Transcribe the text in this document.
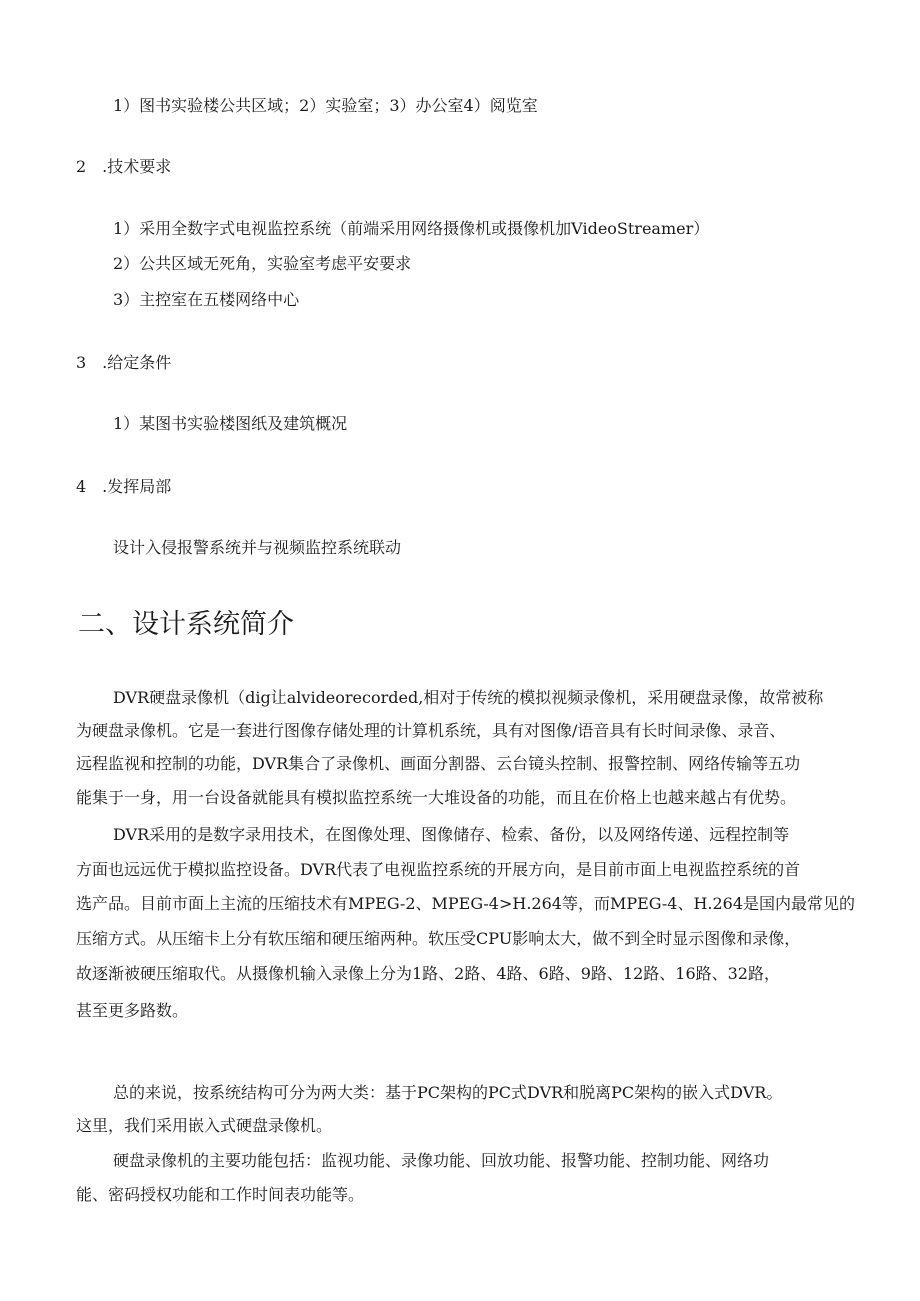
1）图书实验楼公共区域；2）实验室；3）办公室4）阅览室
2　.技术要求
1）采用全数字式电视监控系统（前端采用网络摄像机或摄像机加VideoStreamer）
2）公共区域无死角，实验室考虑平安要求
3）主控室在五楼网络中心
3　.给定条件
1）某图书实验楼图纸及建筑概况
4　.发挥局部
设计入侵报警系统并与视频监控系统联动
二、设计系统简介
DVR硬盘录像机（dig让alvideorecorded,相对于传统的模拟视频录像机，采用硬盘录像，故常被称
为硬盘录像机。它是一套进行图像存储处理的计算机系统，具有对图像/语音具有长时间录像、录音、
远程监视和控制的功能，DVR集合了录像机、画面分割器、云台镜头控制、报警控制、网络传输等五功
能集于一身，用一台设备就能具有模拟监控系统一大堆设备的功能，而且在价格上也越来越占有优势。
DVR采用的是数字录用技术，在图像处理、图像储存、检索、备份，以及网络传递、远程控制等
方面也远远优于模拟监控设备。DVR代表了电视监控系统的开展方向，是目前市面上电视监控系统的首
选产品。目前市面上主流的压缩技术有MPEG-2、MPEG-4>H.264等，而MPEG-4、H.264是国内最常见的
压缩方式。从压缩卡上分有软压缩和硬压缩两种。软压受CPU影响太大，做不到全时显示图像和录像，
故逐渐被硬压缩取代。从摄像机输入录像上分为1路、2路、4路、6路、9路、12路、16路、32路，
甚至更多路数。
总的来说，按系统结构可分为两大类：基于PC架构的PC式DVR和脱离PC架构的嵌入式DVR。
这里，我们采用嵌入式硬盘录像机。
硬盘录像机的主要功能包括：监视功能、录像功能、回放功能、报警功能、控制功能、网络功
能、密码授权功能和工作时间表功能等。
